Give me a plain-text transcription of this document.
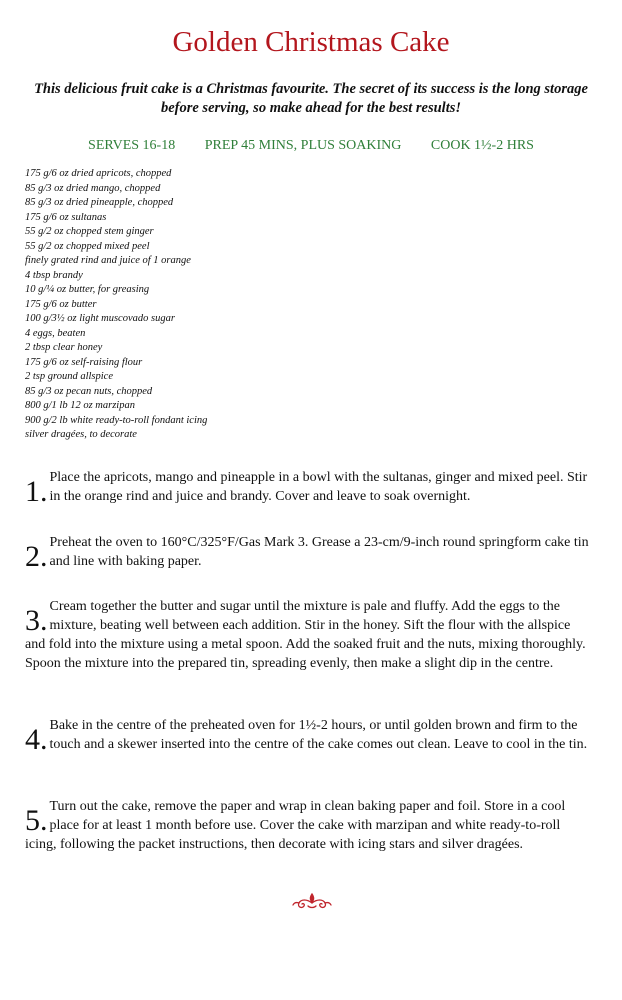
Golden Christmas Cake

This delicious fruit cake is a Christmas favourite. The secret of its success is the long storage before serving, so make ahead for the best results!

SERVES 16-18 PREP 45 MINS, PLUS SOAKING COOK 1½-2 HRS
175 g/6 oz dried apricots, chopped
85 g/3 oz dried mango, chopped
85 g/3 oz dried pineapple, chopped
175 g/6 oz sultanas
55 g/2 oz chopped stem ginger
55 g/2 oz chopped mixed peel
finely grated rind and juice of 1 orange
4 tbsp brandy
10 g/¼ oz butter, for greasing
175 g/6 oz butter
100 g/3½ oz light muscovado sugar
4 eggs, beaten
2 tbsp clear honey
175 g/6 oz self-raising flour
2 tsp ground allspice
85 g/3 oz pecan nuts, chopped
800 g/1 lb 12 oz marzipan
900 g/2 lb white ready-to-roll fondant icing
silver dragées, to decorate
1. Place the apricots, mango and pineapple in a bowl with the sultanas, ginger and mixed peel. Stir in the orange rind and juice and brandy. Cover and leave to soak overnight.
2. Preheat the oven to 160°C/325°F/Gas Mark 3. Grease a 23-cm/9-inch round springform cake tin and line with baking paper.
3. Cream together the butter and sugar until the mixture is pale and fluffy. Add the eggs to the mixture, beating well between each addition. Stir in the honey. Sift the flour with the allspice and fold into the mixture using a metal spoon. Add the soaked fruit and the nuts, mixing thoroughly. Spoon the mixture into the prepared tin, spreading evenly, then make a slight dip in the centre.
4. Bake in the centre of the preheated oven for 1½-2 hours, or until golden brown and firm to the touch and a skewer inserted into the centre of the cake comes out clean. Leave to cool in the tin.
5. Turn out the cake, remove the paper and wrap in clean baking paper and foil. Store in a cool place for at least 1 month before use. Cover the cake with marzipan and white ready-to-roll icing, following the packet instructions, then decorate with icing stars and silver dragées.
